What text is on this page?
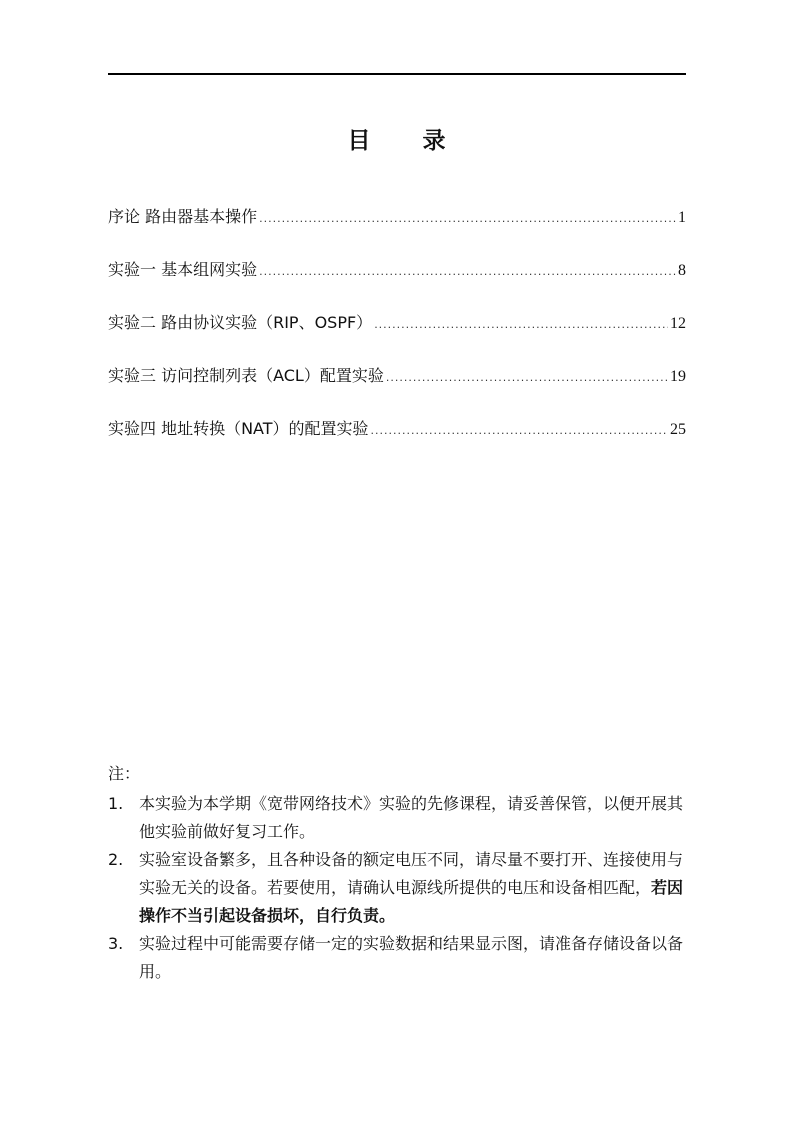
目 录
序论 路由器基本操作 .....	1
实验一 基本组网实验 .....	8
实验二 路由协议实验（RIP、OSPF） .....	12
实验三 访问控制列表（ACL）配置实验 .....	19
实验四 地址转换（NAT）的配置实验 .....	25
注：
1. 本实验为本学期《宽带网络技术》实验的先修课程，请妥善保管，以便开展其他实验前做好复习工作。
2. 实验室设备繁多，且各种设备的额定电压不同，请尽量不要打开、连接使用与实验无关的设备。若要使用，请确认电源线所提供的电压和设备相匹配，若因操作不当引起设备损坏，自行负责。
3. 实验过程中可能需要存储一定的实验数据和结果显示图，请准备存储设备以备用。
